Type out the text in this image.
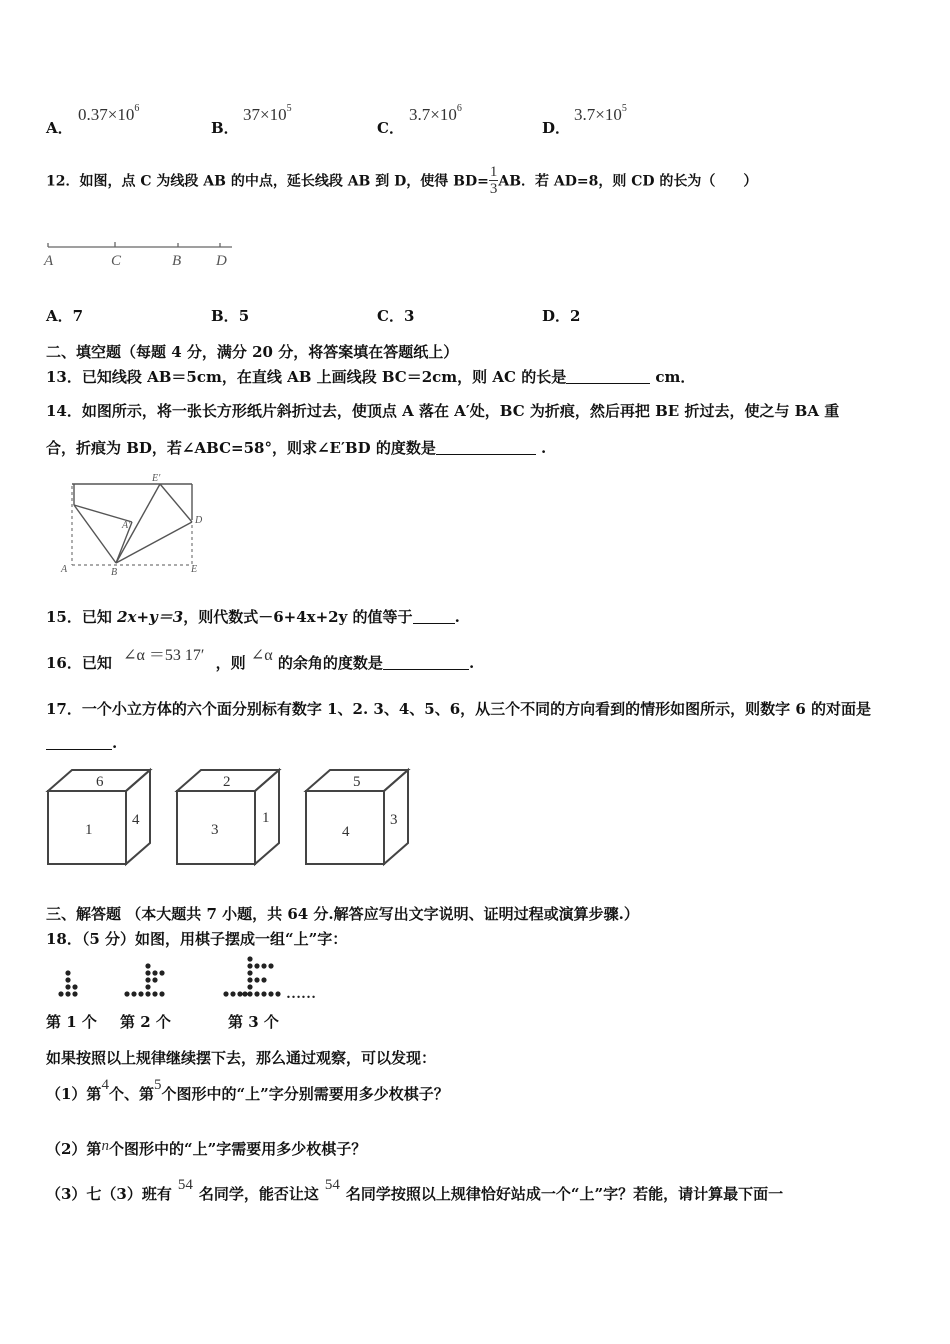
A．
$0.37\times 10^6$
B．
$37\times 10^5$
C．
$3.7\times 10^6$
D．
$3.7\times 10^5$
12．如图，点 C 为线段 AB 的中点，延长线段 AB 到 D，使得 $BD= \frac{1}{3}$ AB．若 AD=8，则 CD 的长为（　　）
A	C	B D
A．7	B．5	C．3	D．2
二、填空题（每题 4 分，满分 20 分，将答案填在答题纸上）
13．已知线段 AB＝5cm，在直线 AB 上画线段 BC＝2cm，则 AC 的长是	cm．
14．如图所示，将一张长方形纸片斜折过去，使顶点 A 落在 A′处，BC 为折痕，然后再把 BE 折过去，使之与 BA 重
合，折痕为 BD，若∠ABC=58°，则求∠E′BD 的度数是	.
E′
A′	D
A	B	E
15．已知 2x+y＝3，则代数式－6+4x+2y 的值等于	.
16．已知 ∠α ＝53 17′ ，则 ∠α 的余角的度数是	.
17．一个小立方体的六个面分别标有数字 1、2. 3、4、5、6，从三个不同的方向看到的情形如图所示，则数字 6 的对面是
.
6
1
4
2
3
1
5
4
3
三、解答题 （本大题共 7 小题，共 64 分.解答应写出文字说明、证明过程或演算步骤.）
18．（5 分）如图，用棋子摆成一组“上”字：
……
第 1 个 第 2 个	第 3 个
如果按照以上规律继续摆下去，那么通过观察，可以发现：
（1）第4个、第5个图形中的“上”字分别需要用多少枚棋子？
（2）第n个图形中的“上”字需要用多少枚棋子？
（3）七（3）班有 54 名同学，能否让这 54 名同学按照以上规律恰好站成一个“上”字？若能，请计算最下面一
